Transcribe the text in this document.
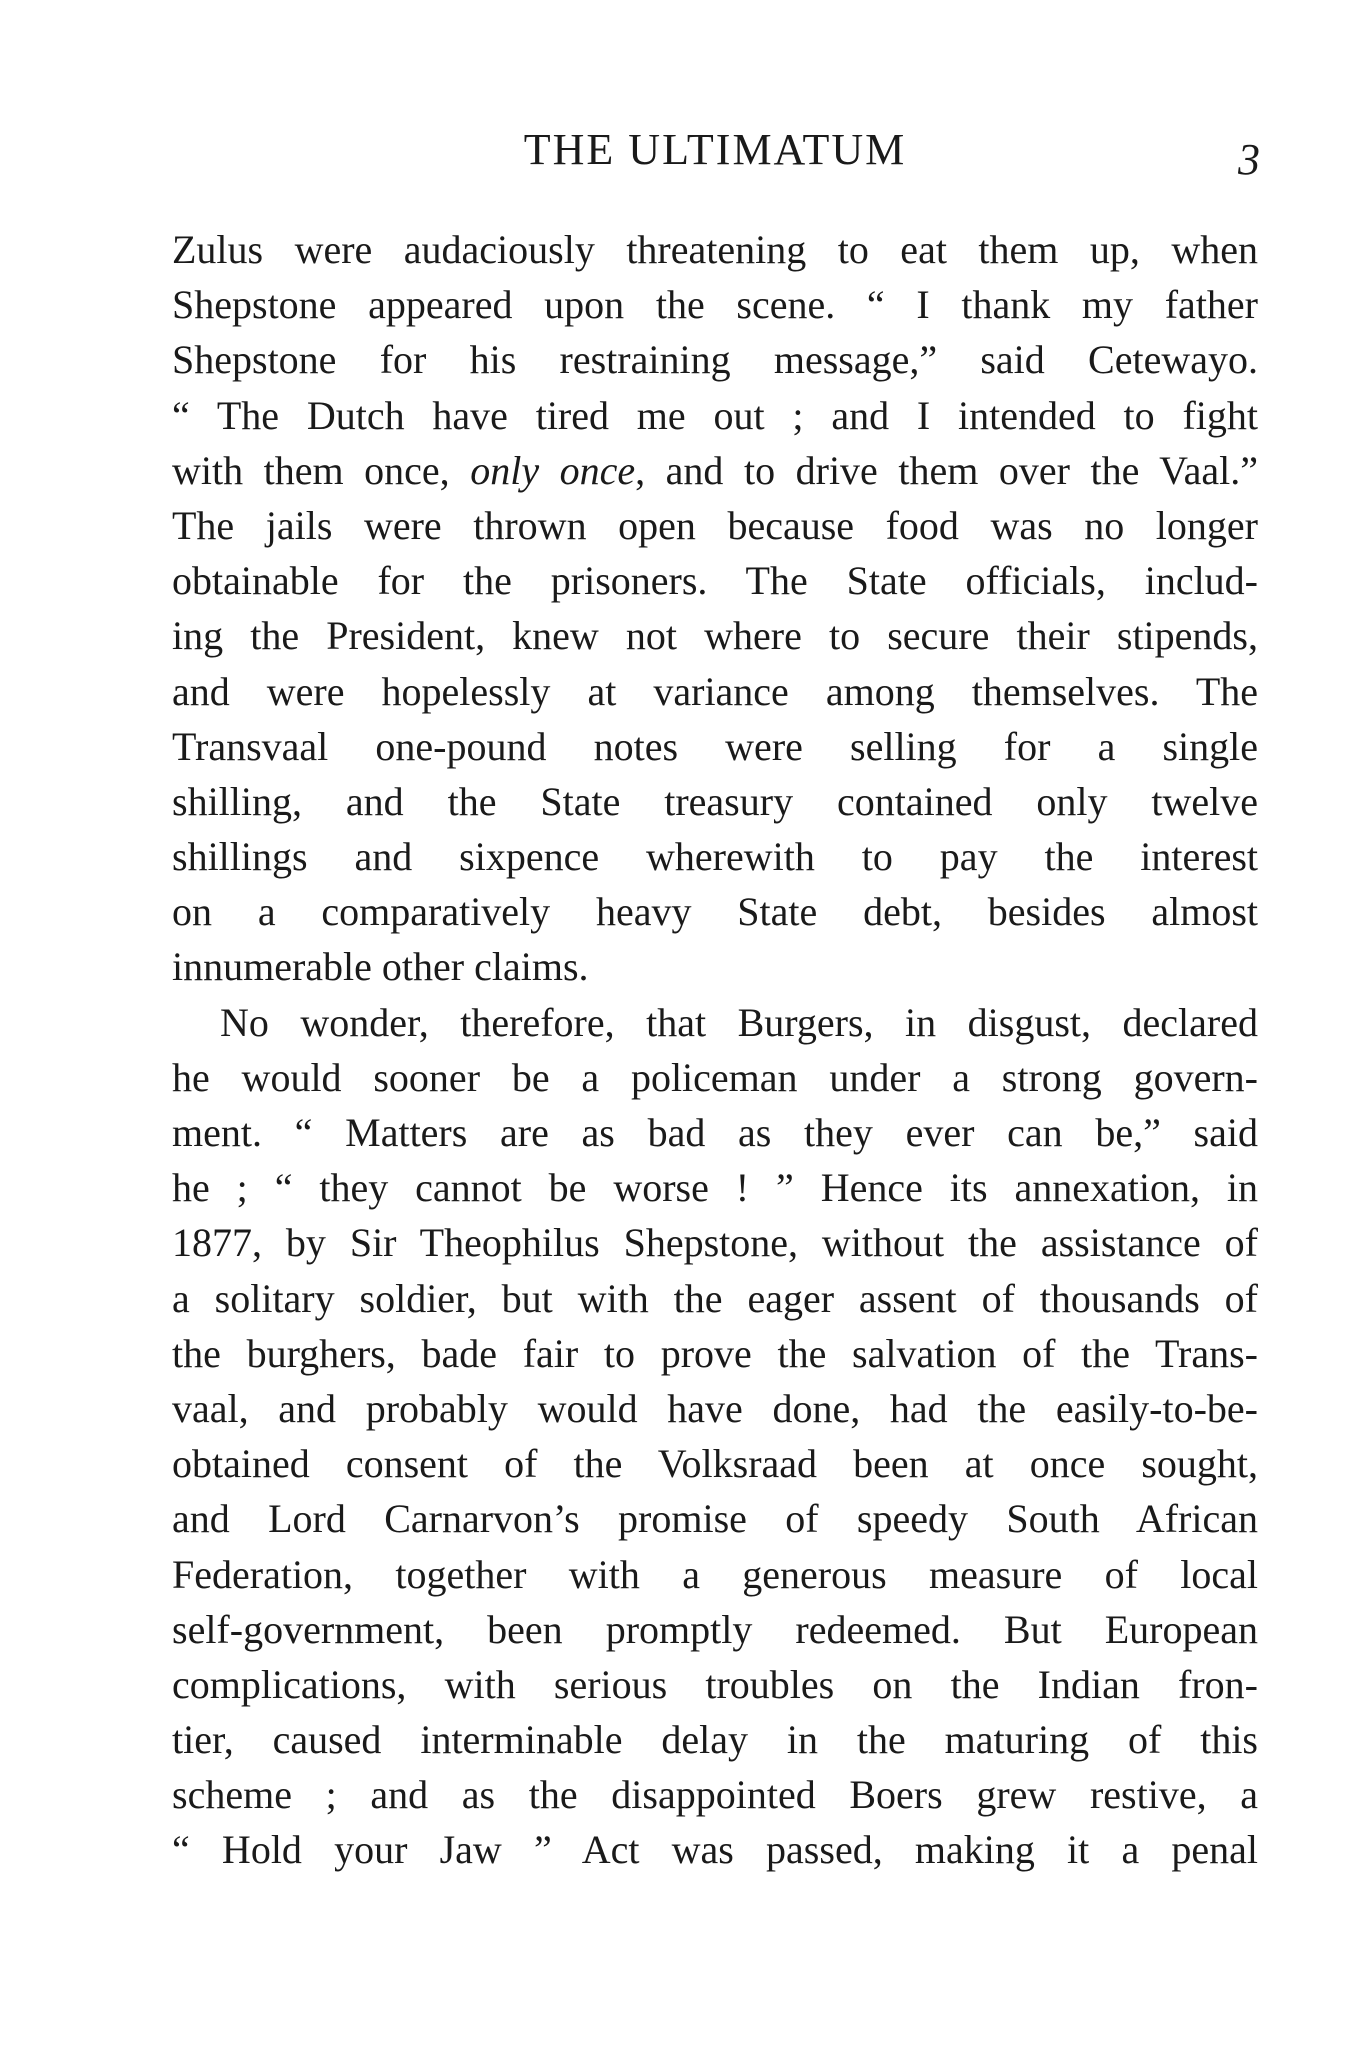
THE ULTIMATUM	3
Zulus were audaciously threatening to eat them up, when
Shepstone appeared upon the scene. “ I thank my father
Shepstone for his restraining message,” said Cetewayo.
“ The Dutch have tired me out ; and I intended to fight
with them once, only once, and to drive them over the Vaal.”
The jails were thrown open because food was no longer
obtainable for the prisoners. The State officials, includ-
ing the President, knew not where to secure their stipends,
and were hopelessly at variance among themselves. The
Transvaal one-pound notes were selling for a single
shilling, and the State treasury contained only twelve
shillings and sixpence wherewith to pay the interest
on a comparatively heavy State debt, besides almost
innumerable other claims.
No wonder, therefore, that Burgers, in disgust, declared
he would sooner be a policeman under a strong govern-
ment. “ Matters are as bad as they ever can be,” said
he ; “ they cannot be worse ! ” Hence its annexation, in
1877, by Sir Theophilus Shepstone, without the assistance of
a solitary soldier, but with the eager assent of thousands of
the burghers, bade fair to prove the salvation of the Trans-
vaal, and probably would have done, had the easily-to-be-
obtained consent of the Volksraad been at once sought,
and Lord Carnarvon’s promise of speedy South African
Federation, together with a generous measure of local
self-government, been promptly redeemed. But European
complications, with serious troubles on the Indian fron-
tier, caused interminable delay in the maturing of this
scheme ; and as the disappointed Boers grew restive, a
“ Hold your Jaw ” Act was passed, making it a penal
